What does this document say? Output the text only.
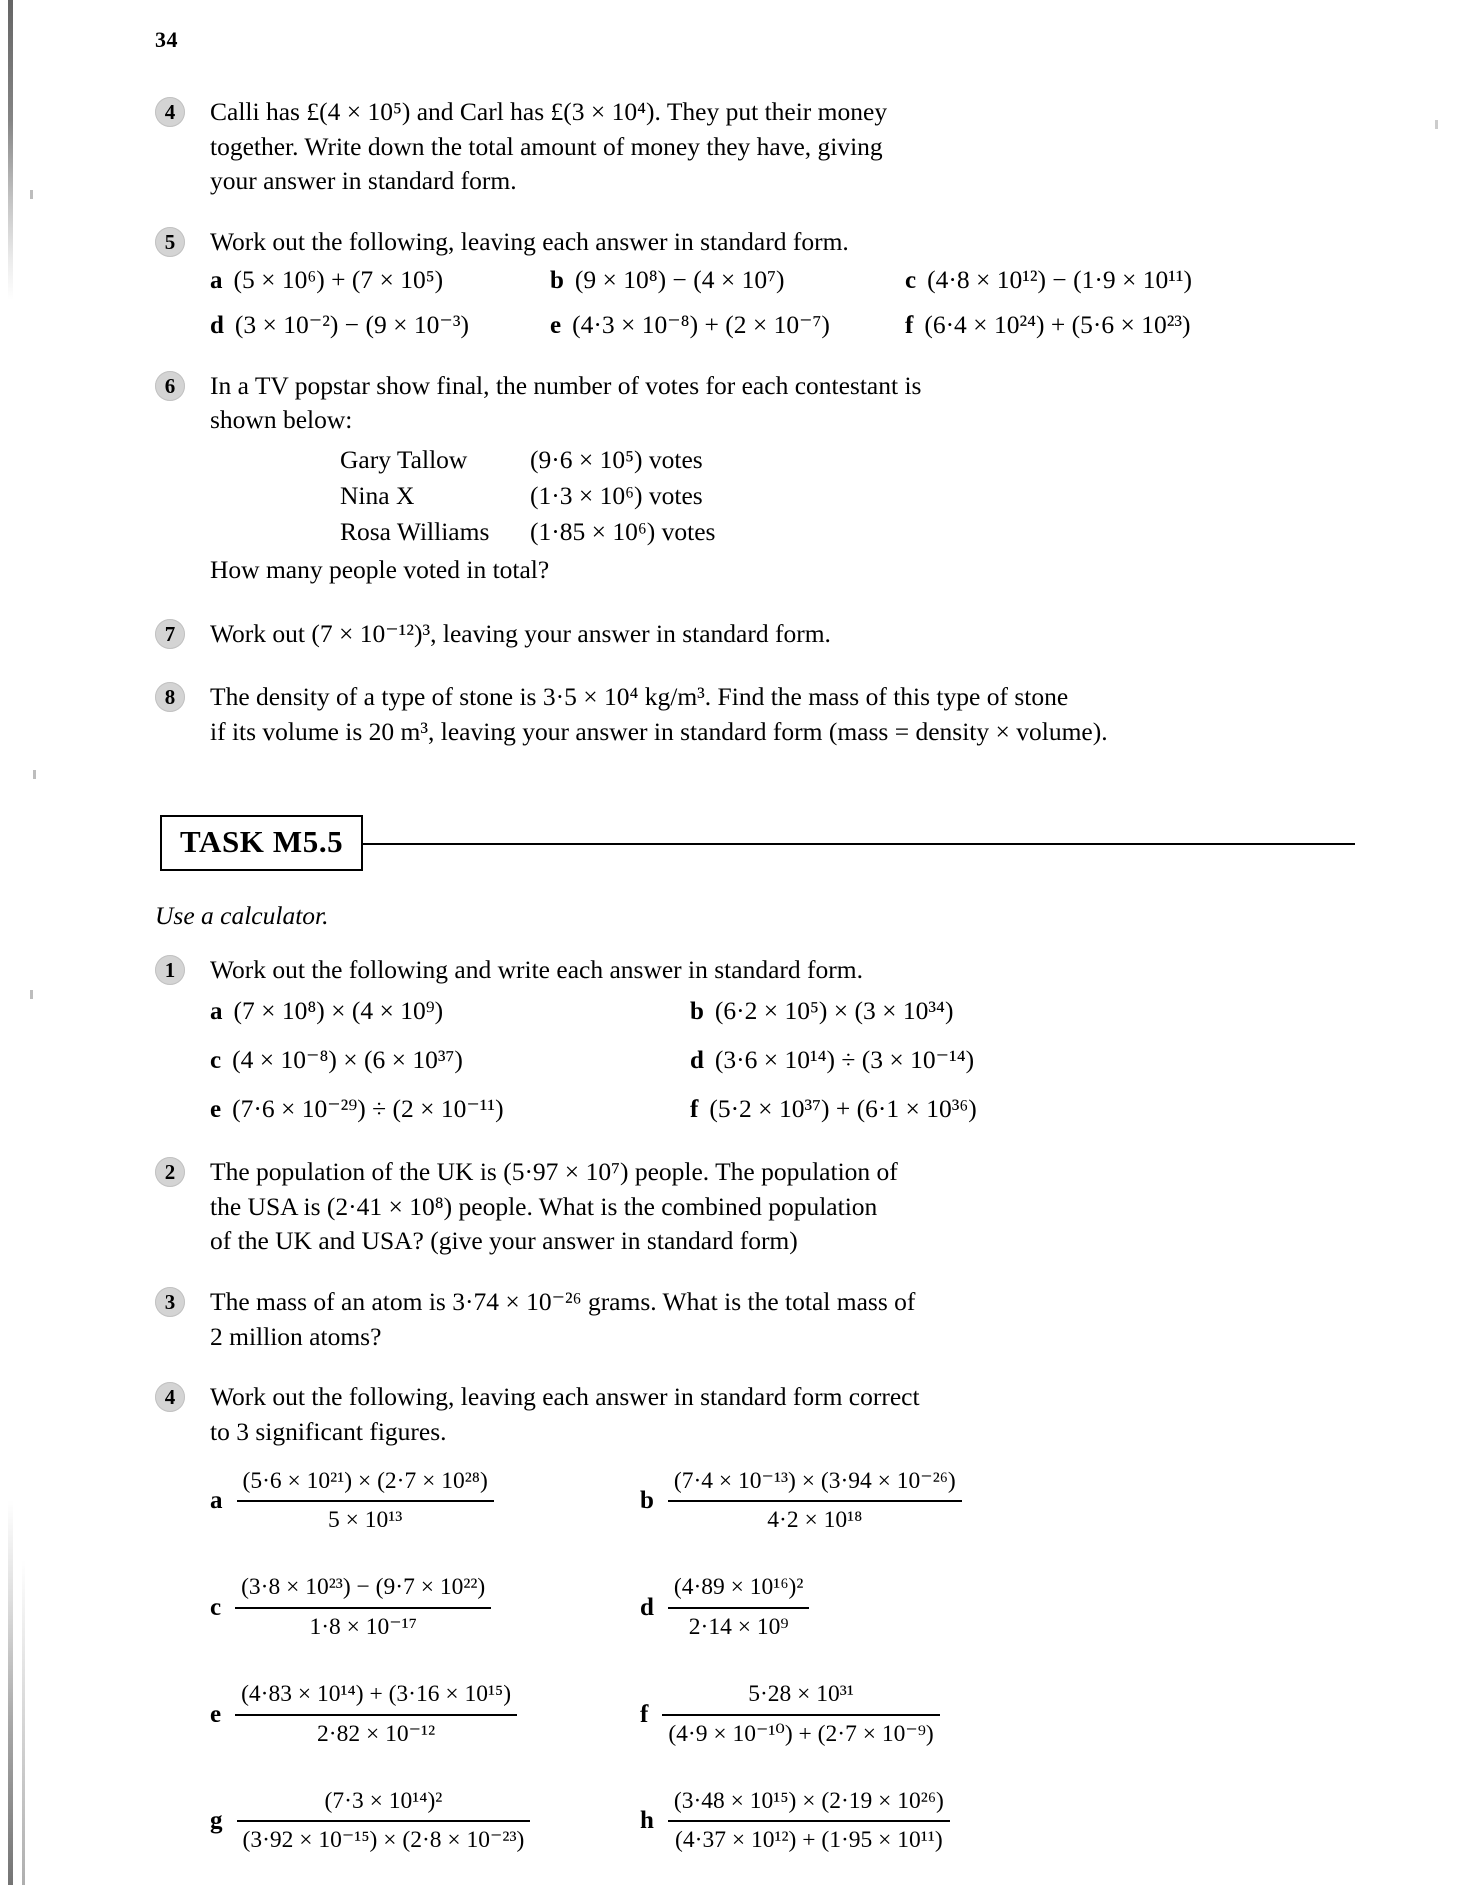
34
4	Calli has £(4 × 10⁵) and Carl has £(3 × 10⁴). They put their money

together. Write down the total amount of money they have, giving

your answer in standard form.

5	Work out the following, leaving each answer in standard form.

a (5 × 10⁶) + (7 × 10⁵)	b (9 × 10⁸) − (4 × 10⁷)	c (4·8 × 10¹²) − (1·9 × 10¹¹)
d (3 × 10⁻²) − (9 × 10⁻³)	e (4·3 × 10⁻⁸) + (2 × 10⁻⁷)	f (6·4 × 10²⁴) + (5·6 × 10²³)
6	In a TV popstar show final, the number of votes for each contestant is

shown below:

Gary Tallow	(9·6 × 10⁵) votes
Nina X	(1·3 × 10⁶) votes
Rosa Williams	(1·85 × 10⁶) votes

How many people voted in total?

7	Work out (7 × 10⁻¹²)³, leaving your answer in standard form.

8	The density of a type of stone is 3·5 × 10⁴ kg/m³. Find the mass of this type of stone

if its volume is 20 m³, leaving your answer in standard form (mass = density × volume).

TASK M5.5

Use a calculator.

1	Work out the following and write each answer in standard form.

a (7 × 10⁸) × (4 × 10⁹)	b (6·2 × 10⁵) × (3 × 10³⁴)
c (4 × 10⁻⁸) × (6 × 10³⁷)	d (3·6 × 10¹⁴) ÷ (3 × 10⁻¹⁴)
e (7·6 × 10⁻²⁹) ÷ (2 × 10⁻¹¹)	f (5·2 × 10³⁷) + (6·1 × 10³⁶)
2	The population of the UK is (5·97 × 10⁷) people. The population of

the USA is (2·41 × 10⁸) people. What is the combined population

of the UK and USA? (give your answer in standard form)

3	The mass of an atom is 3·74 × 10⁻²⁶ grams. What is the total mass of

2 million atoms?

4	Work out the following, leaving each answer in standard form correct

to 3 significant figures.

a $\frac{\text{(5·6 × 10²¹) × (2·7 × 10²⁸)}}{\text{5 × 10¹³}}$	b $\frac{\text{(7·4 × 10⁻¹³) × (3·94 × 10⁻²⁶)}}{\text{4·2 × 10¹⁸}}$
c $\frac{\text{(3·8 × 10²³) − (9·7 × 10²²)}}{\text{1·8 × 10⁻¹⁷}}$	d $\frac{\text{(4·89 × 10¹⁶)²}}{\text{2·14 × 10⁹}}$
e $\frac{\text{(4·83 × 10¹⁴) + (3·16 × 10¹⁵)}}{\text{2·82 × 10⁻¹²}}$	f $\frac{\text{5·28 × 10³¹}}{\text{(4·9 × 10⁻¹⁰) + (2·7 × 10⁻⁹)}}$
g $\frac{\text{(7·3 × 10¹⁴)²}}{\text{(3·92 × 10⁻¹⁵) × (2·8 × 10⁻²³)}}$	h $\frac{\text{(3·48 × 10¹⁵) × (2·19 × 10²⁶)}}{\text{(4·37 × 10¹²) + (1·95 × 10¹¹)}}$
